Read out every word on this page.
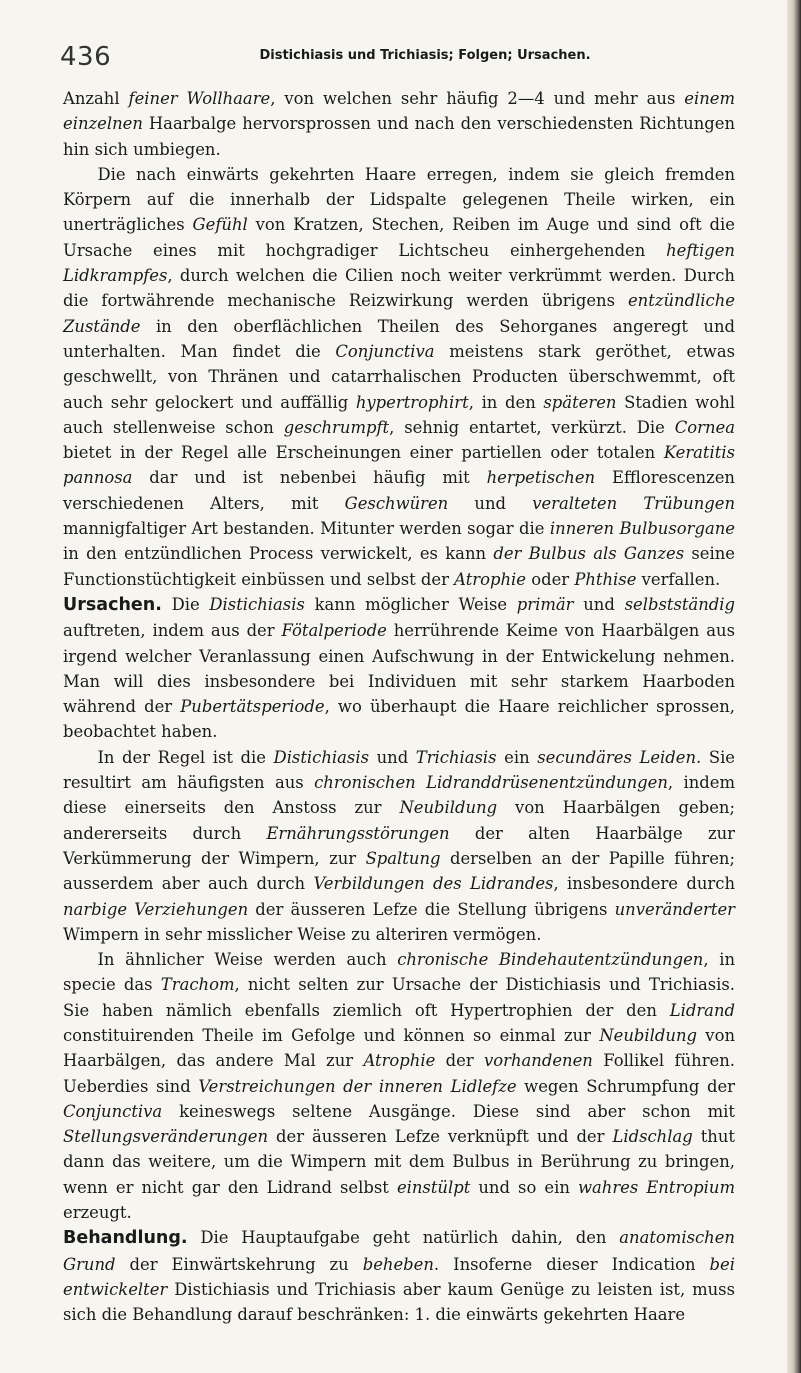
436	Distichiasis und Trichiasis; Folgen; Ursachen.

Anzahl feiner Wollhaare, von welchen sehr häufig 2—4 und mehr aus einem einzelnen Haarbalge hervorsprossen und nach den verschiedensten Richtungen hin sich umbiegen.

Die nach einwärts gekehrten Haare erregen, indem sie gleich fremden Körpern auf die innerhalb der Lidspalte gelegenen Theile wirken, ein unerträgliches Gefühl von Kratzen, Stechen, Reiben im Auge und sind oft die Ursache eines mit hochgradiger Lichtscheu einhergehenden heftigen Lidkrampfes, durch welchen die Cilien noch weiter verkrümmt werden. Durch die fortwährende mechanische Reizwirkung werden übrigens entzündliche Zustände in den oberflächlichen Theilen des Sehorganes angeregt und unterhalten. Man findet die Conjunctiva meistens stark geröthet, etwas geschwellt, von Thränen und catarrhalischen Producten überschwemmt, oft auch sehr gelockert und auffällig hypertrophirt, in den späteren Stadien wohl auch stellenweise schon geschrumpft, sehnig entartet, verkürzt. Die Cornea bietet in der Regel alle Erscheinungen einer partiellen oder totalen Keratitis pannosa dar und ist nebenbei häufig mit herpetischen Efflorescenzen verschiedenen Alters, mit Geschwüren und veralteten Trübungen mannigfaltiger Art bestanden. Mitunter werden sogar die inneren Bulbusorgane in den entzündlichen Process verwickelt, es kann der Bulbus als Ganzes seine Functionstüchtigkeit einbüssen und selbst der Atrophie oder Phthise verfallen.

Ursachen. Die Distichiasis kann möglicher Weise primär und selbstständig auftreten, indem aus der Fötalperiode herrührende Keime von Haarbälgen aus irgend welcher Veranlassung einen Aufschwung in der Entwickelung nehmen. Man will dies insbesondere bei Individuen mit sehr starkem Haarboden während der Pubertätsperiode, wo überhaupt die Haare reichlicher sprossen, beobachtet haben.

In der Regel ist die Distichiasis und Trichiasis ein secundäres Leiden. Sie resultirt am häufigsten aus chronischen Lidranddrüsenentzündungen, indem diese einerseits den Anstoss zur Neubildung von Haarbälgen geben; andererseits durch Ernährungsstörungen der alten Haarbälge zur Verkümmerung der Wimpern, zur Spaltung derselben an der Papille führen; ausserdem aber auch durch Verbildungen des Lidrandes, insbesondere durch narbige Verziehungen der äusseren Lefze die Stellung übrigens unveränderter Wimpern in sehr misslicher Weise zu alteriren vermögen.

In ähnlicher Weise werden auch chronische Bindehautentzündungen, in specie das Trachom, nicht selten zur Ursache der Distichiasis und Trichiasis. Sie haben nämlich ebenfalls ziemlich oft Hypertrophien der den Lidrand constituirenden Theile im Gefolge und können so einmal zur Neubildung von Haarbälgen, das andere Mal zur Atrophie der vorhandenen Follikel führen. Ueberdies sind Verstreichungen der inneren Lidlefze wegen Schrumpfung der Conjunctiva keineswegs seltene Ausgänge. Diese sind aber schon mit Stellungsveränderungen der äusseren Lefze verknüpft und der Lidschlag thut dann das weitere, um die Wimpern mit dem Bulbus in Berührung zu bringen, wenn er nicht gar den Lidrand selbst einstülpt und so ein wahres Entropium erzeugt.

Behandlung. Die Hauptaufgabe geht natürlich dahin, den anatomischen Grund der Einwärtskehrung zu beheben. Insoferne dieser Indication bei entwickelter Distichiasis und Trichiasis aber kaum Genüge zu leisten ist, muss sich die Behandlung darauf beschränken: 1. die einwärts gekehrten Haare
